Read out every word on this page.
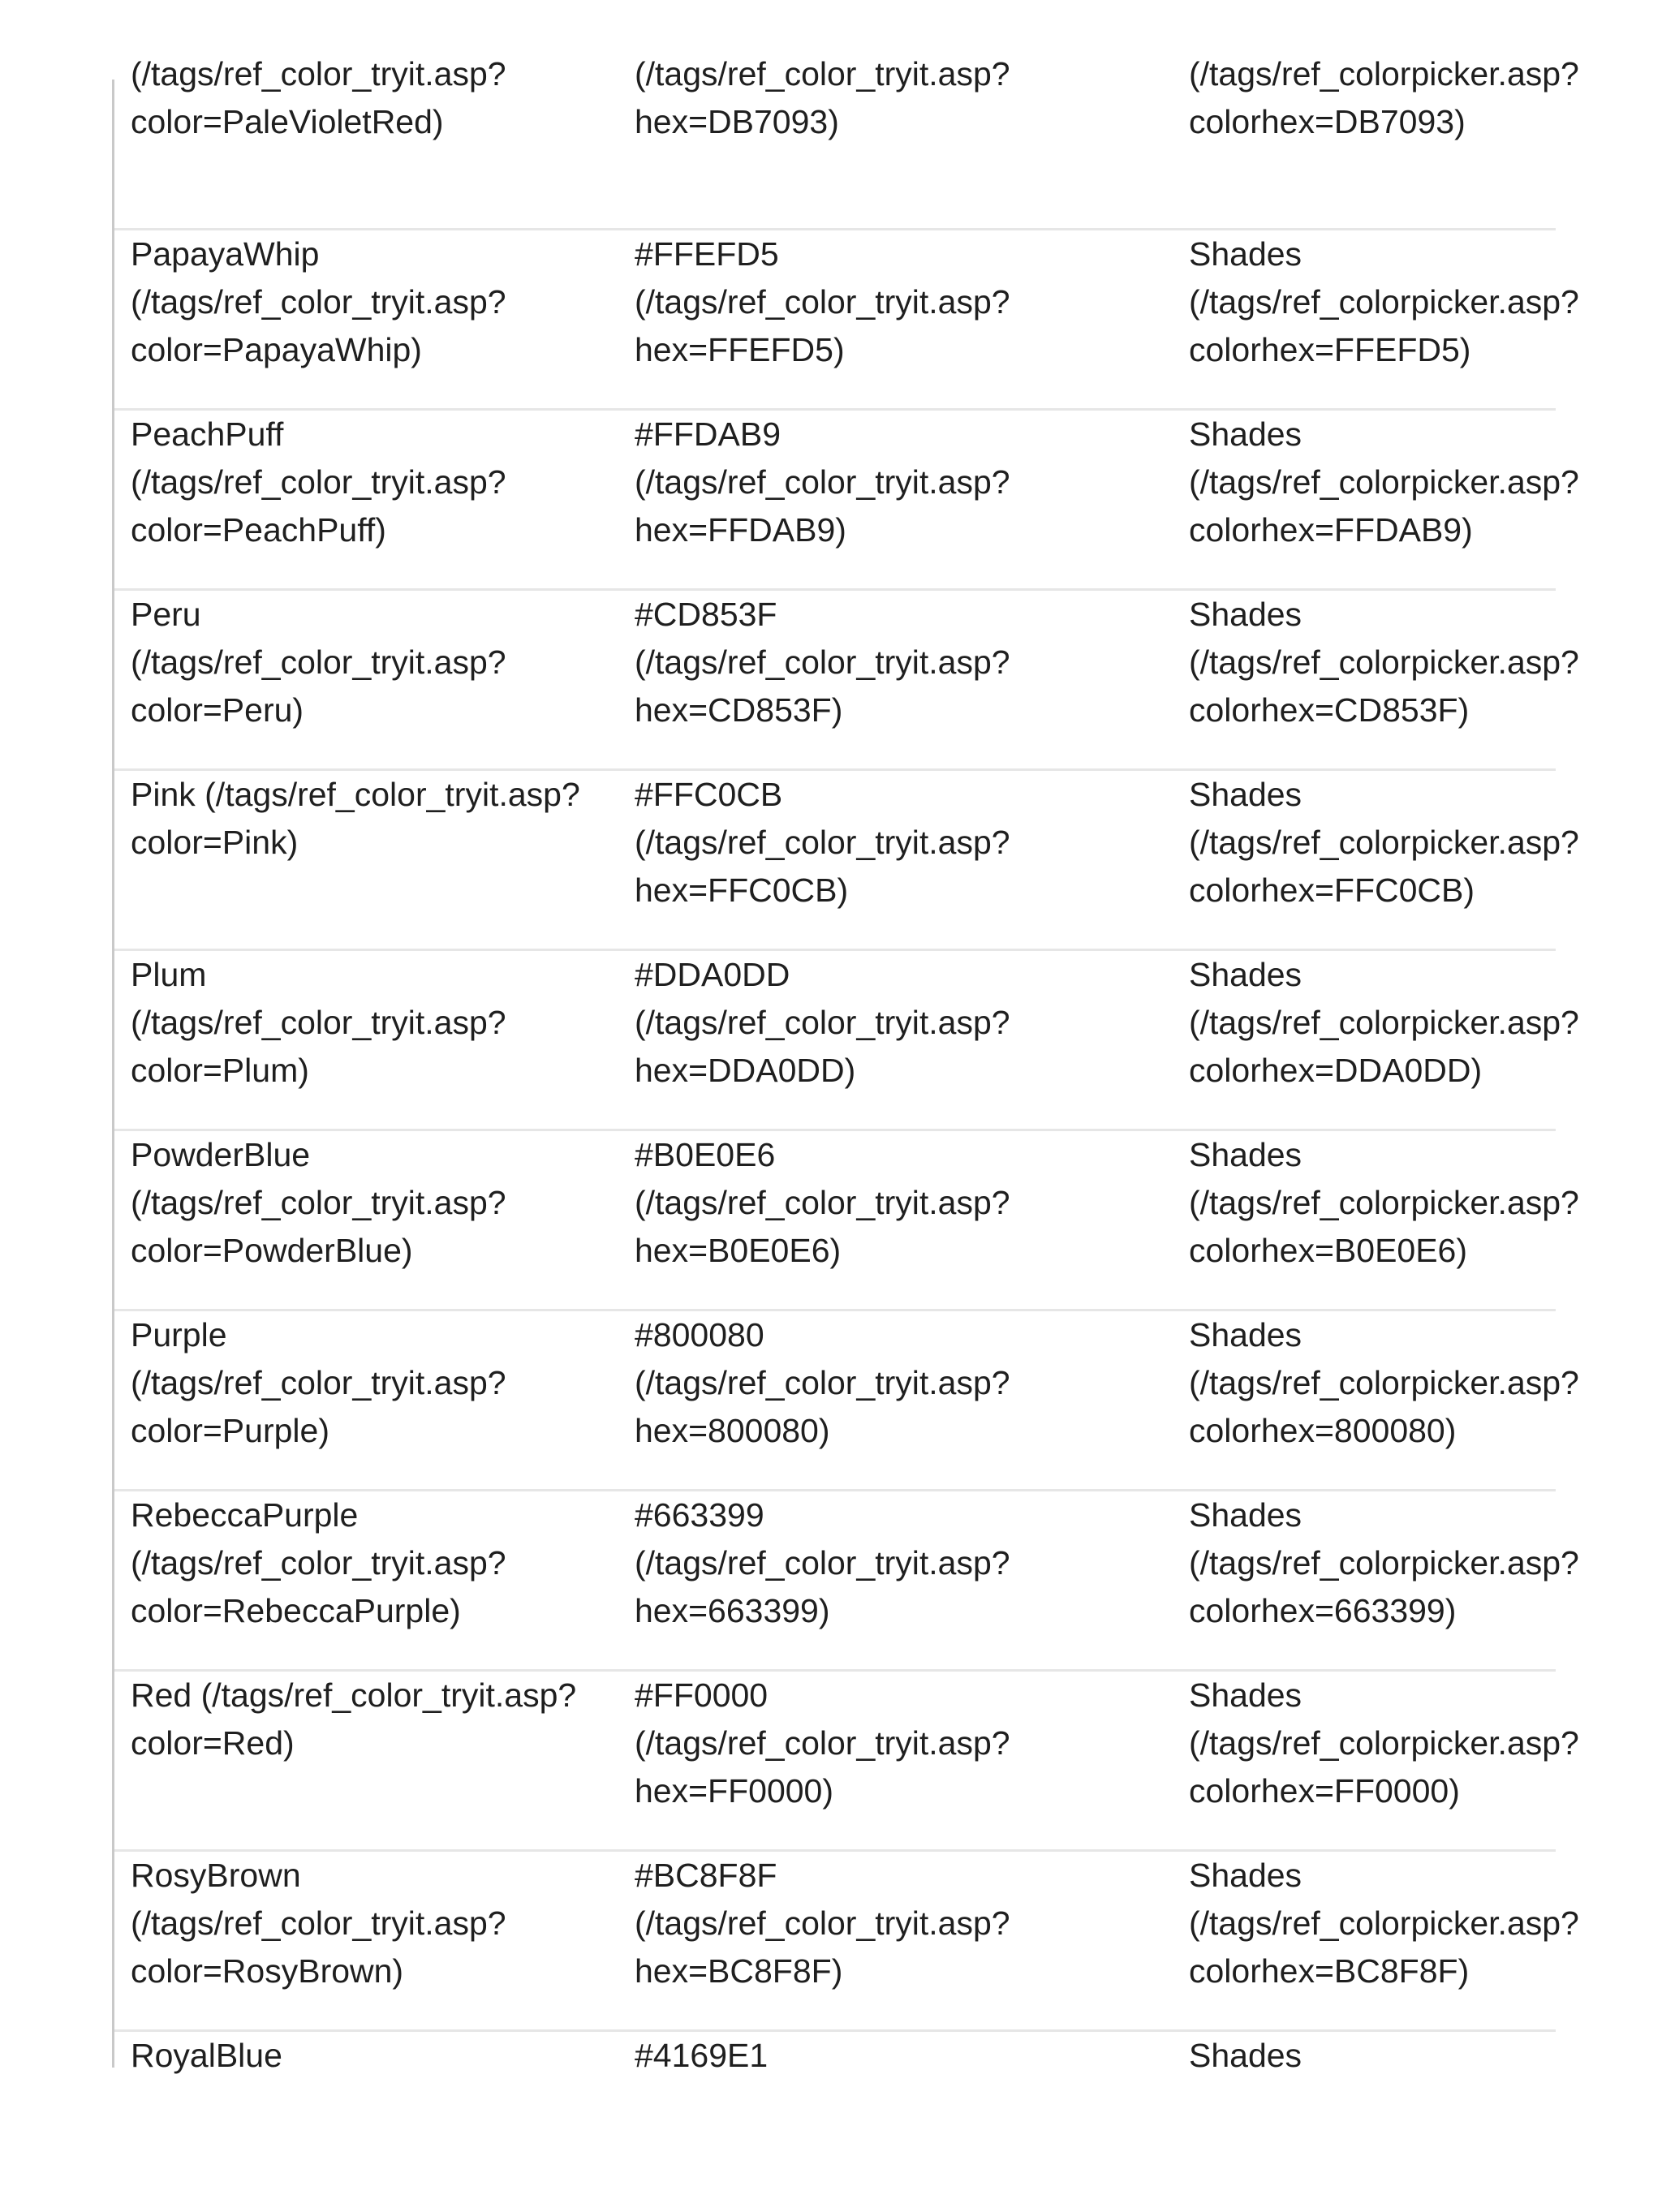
(/tags/ref_color_tryit.asp?
color=PaleVioletRed)
(/tags/ref_color_tryit.asp?
hex=DB7093)
(/tags/ref_colorpicker.asp?
colorhex=DB7093)
PapayaWhip
(/tags/ref_color_tryit.asp?
color=PapayaWhip)
#FFEFD5
(/tags/ref_color_tryit.asp?
hex=FFEFD5)
Shades
(/tags/ref_colorpicker.asp?
colorhex=FFEFD5)
PeachPuff
(/tags/ref_color_tryit.asp?
color=PeachPuff)
#FFDAB9
(/tags/ref_color_tryit.asp?
hex=FFDAB9)
Shades
(/tags/ref_colorpicker.asp?
colorhex=FFDAB9)
Peru
(/tags/ref_color_tryit.asp?
color=Peru)
#CD853F
(/tags/ref_color_tryit.asp?
hex=CD853F)
Shades
(/tags/ref_colorpicker.asp?
colorhex=CD853F)
Pink (/tags/ref_color_tryit.asp?
color=Pink)
#FFC0CB
(/tags/ref_color_tryit.asp?
hex=FFC0CB)
Shades
(/tags/ref_colorpicker.asp?
colorhex=FFC0CB)
Plum
(/tags/ref_color_tryit.asp?
color=Plum)
#DDA0DD
(/tags/ref_color_tryit.asp?
hex=DDA0DD)
Shades
(/tags/ref_colorpicker.asp?
colorhex=DDA0DD)
PowderBlue
(/tags/ref_color_tryit.asp?
color=PowderBlue)
#B0E0E6
(/tags/ref_color_tryit.asp?
hex=B0E0E6)
Shades
(/tags/ref_colorpicker.asp?
colorhex=B0E0E6)
Purple
(/tags/ref_color_tryit.asp?
color=Purple)
#800080
(/tags/ref_color_tryit.asp?
hex=800080)
Shades
(/tags/ref_colorpicker.asp?
colorhex=800080)
RebeccaPurple
(/tags/ref_color_tryit.asp?
color=RebeccaPurple)
#663399
(/tags/ref_color_tryit.asp?
hex=663399)
Shades
(/tags/ref_colorpicker.asp?
colorhex=663399)
Red (/tags/ref_color_tryit.asp?
color=Red)
#FF0000
(/tags/ref_color_tryit.asp?
hex=FF0000)
Shades
(/tags/ref_colorpicker.asp?
colorhex=FF0000)
RosyBrown
(/tags/ref_color_tryit.asp?
color=RosyBrown)
#BC8F8F
(/tags/ref_color_tryit.asp?
hex=BC8F8F)
Shades
(/tags/ref_colorpicker.asp?
colorhex=BC8F8F)
RoyalBlue	#4169E1	Shades
